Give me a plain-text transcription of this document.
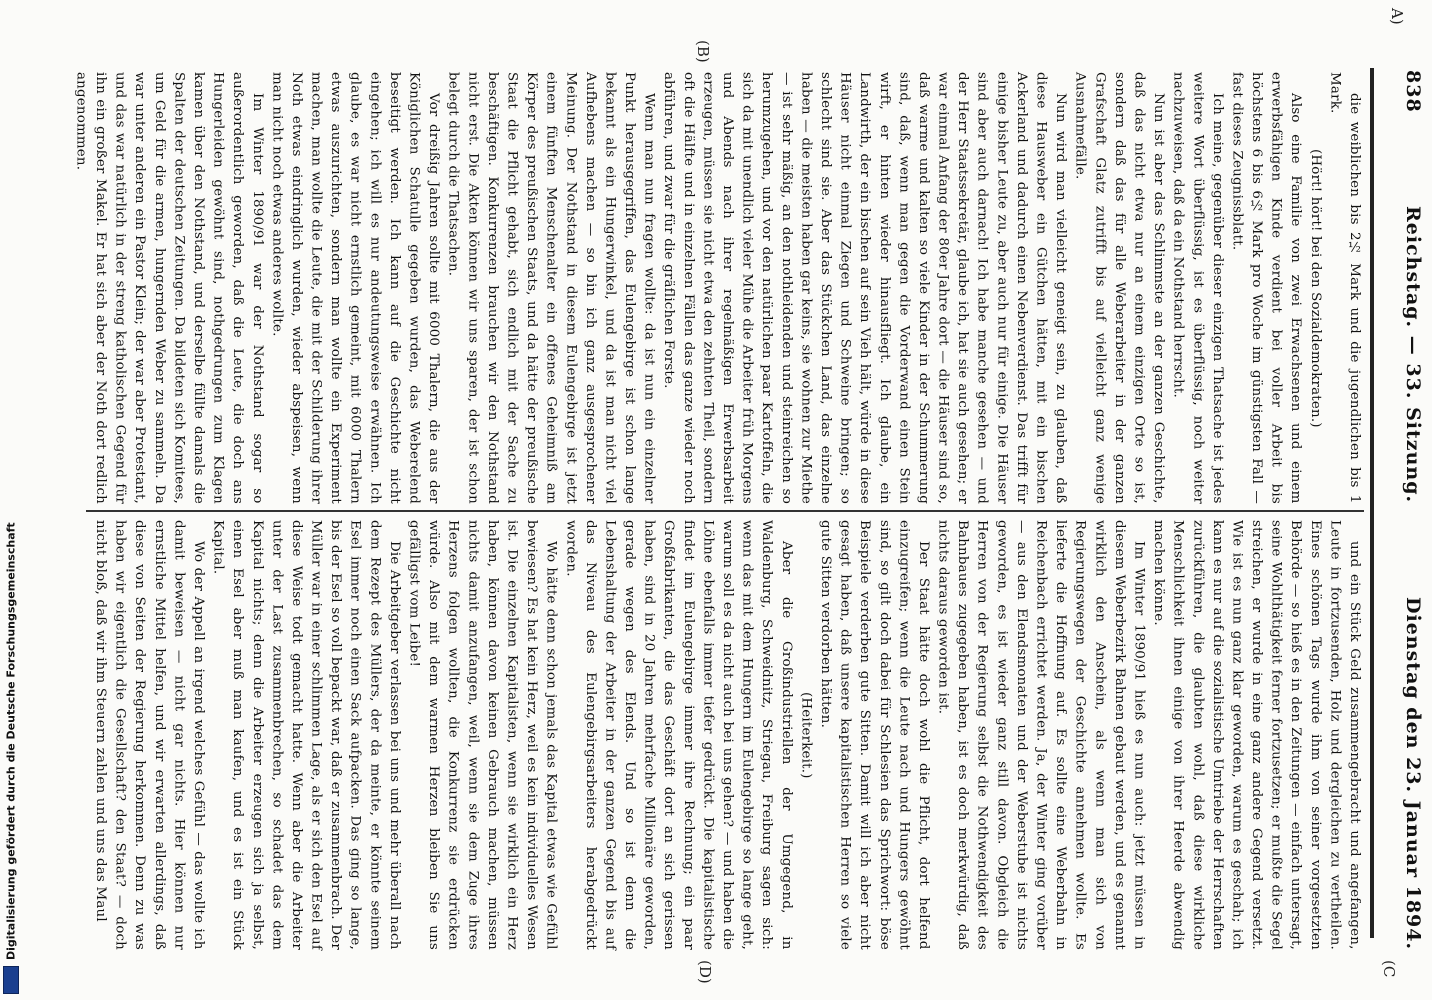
838
Reichstag. — 33. Sitzung.
Dienstag den 23. Januar 1894.
A)
(B)
(C
(D)

die weiblichen bis 2½ Mark und die jugendlichen bis 1 Mark.

(Hört! hört! bei den Sozialdemokraten.)

Also eine Familie von zwei Erwachsenen und einem erwerbsfähigen Kinde verdient bei voller Arbeit bis höchstens 6 bis 6½ Mark pro Woche im günstigsten Fall — fast dieses Zeugnissblatt.

Ich meine, gegenüber dieser einzigen Thatsache ist jedes weitere Wort überflüssig, ist es überflüssig, noch weiter nachzuweisen, daß da ein Nothstand herrscht.

Nun ist aber das Schlimmste an der ganzen Geschichte, daß das nicht etwa nur an einem einzigen Orte so ist, sondern daß das für alle Weberarbeiter in der ganzen Grafschaft Glatz zutrifft bis auf vielleicht ganz wenige Ausnahmefälle.

Nun wird man vielleicht geneigt sein, zu glauben, daß diese Hausweber ein Gütchen hätten, mit ein bischen Ackerland und dadurch einen Nebenverdienst. Das trifft für einige bisher Leute zu, aber auch nur für einige. Die Häuser sind aber auch darnach! Ich habe manche gesehen — und der Herr Staatssekretär, glaube ich, hat sie auch gesehen; er war einmal Anfang der 80er Jahre dort — die Häuser sind so, daß warme und kalten so viele Kinder in der Schummerung sind, daß, wenn man gegen die Vorderwand einen Stein wirft, er hinten wieder hinausfliegt. Ich glaube, ein Landwirth, der ein bischen auf sein Vieh hält, würde in diese Häuser nicht einmal Ziegen und Schweine bringen; so schlecht sind sie. Aber das Stückchen Land, das einzelne haben — die meisten haben gar keins, sie wohnen zur Miethe — ist sehr mäßig, an den nothleidenden und steinreichen so herumzugehen, und vor den natürlichen paar Kartoffeln, die sich da mit unendlich vieler Mühe die Arbeiter früh Morgens und Abends nach ihrer regelmäßigen Erwerbsarbeit erzeugen, müssen sie nicht etwa den zehnten Theil, sondern oft die Hälfte und in einzelnen Fällen das ganze wieder noch abführen, und zwar für die gräflichen Forste.

Wenn man nun fragen wollte: da ist nun ein einzelner Punkt herausgegriffen, das Eulengebirge ist schon lange bekannt als ein Hungerwinkel, und da ist man nicht viel Aufhebens machen — so bin ich ganz ausgesprochener Meinung. Der Nothstand in diesem Eulengebirge ist jetzt einem fünften Menschenalter ein offenes Geheimniß am Körper des preußischen Staats, und da hätte der preußische Staat die Pflicht gehabt, sich endlich mit der Sache zu beschäftigen. Konkurrenzen brauchen wir den Nothstand nicht erst. Die Akten können wir uns sparen, der ist schon belegt durch die Thatsachen.

Vor dreißig Jahren sollte mit 6000 Thalern, die aus der Königlichen Schatulle gegeben wurden, das Weberelend beseitigt werden. Ich kann auf die Geschichte nicht eingehen; ich will es nur andeutungsweise erwähnen. Ich glaube, es war nicht ernstlich gemeint, mit 6000 Thalern etwas auszurichten, sondern man wollte ein Experiment machen, man wollte die Leute, die mit der Schilderung ihrer Noth etwas eindringlich wurden, wieder abspeisen, wenn man nicht noch etwas anderes wollte.

Im Winter 1890/91 war der Nothstand sogar so außerordentlich geworden, daß die Leute, die doch ans Hungerleiden gewöhnt sind, nothgedrungen zum Klagen kamen über den Nothstand, und derselbe füllte damals die Spalten der deutschen Zeitungen. Da bildeten sich Komitees, um Geld für die armen, hungernden Weber zu sammeln. Da war unter anderen ein Pastor Klein; der war aber Protestant, und das war natürlich in der streng katholischen Gegend für ihn ein großer Makel. Er hat sich aber der Noth dort redlich angenommen.

und ein Stück Geld zusammengebracht und angefangen, Leute in fortzusenden, Holz und dergleichen zu vertheilen. Eines schönen Tags wurde ihm von seiner vorgesetzten Behörde — so hieß es in den Zeitungen — einfach untersagt, seine Wohlthätigkeit ferner fortzusetzen; er mußte die Segel streichen, er wurde in eine ganz andere Gegend versetzt. Wie ist es nun ganz klar geworden, warum es geschah; ich kann es nur auf die sozialistische Umtriebe der Herrschaften zurückführen, die glaubten wohl, daß diese wirkliche Menschlichkeit ihnen einige von ihrer Heerde abwendig machen könne.

Im Winter 1890/91 hieß es nun auch: jetzt müssen in diesem Weberbezirk Bahnen gebaut werden, und es genannt wirklich den Anschein, als wenn man sich von Regierungswegen der Geschichte annehmen wollte. Es lieferte die Hoffnung auf. Es sollte eine Weberbahn in Reichenbach errichtet werden. Ja, der Winter ging vorüber — aus den Elendsmonaten und der Weberstube ist nichts geworden, es ist wieder ganz still davon. Obgleich die Herren von der Regierung selbst die Nothwendigkeit des Bahnbaues zugegeben haben, ist es doch merkwürdig, daß nichts daraus geworden ist.

Der Staat hätte doch wohl die Pflicht, dort helfend einzugreifen; wenn die Leute nach und Hungers gewöhnt sind, so gilt doch dabei für Schlesien das Sprichwort: böse Beispiele verderben gute Sitten. Damit will ich aber nicht gesagt haben, daß unsere kapitalistischen Herren so viele gute Sitten verdorben hätten.

(Heiterkeit.)

Aber die Großindustriellen der Umgegend, in Waldenburg, Schweidnitz, Striegau, Freiburg sagen sich: wenn das mit dem Hungern im Eulengebirge so lange geht, warum soll es da nicht auch bei uns gehen? — und haben die Löhne ebenfalls immer tiefer gedrückt. Die kapitalistische findet im Eulengebirge immer ihre Rechnung; ein paar Großfabrikanten, die das Geschäft dort an sich gerissen haben, sind in 20 Jahren mehrfache Millionäre geworden, gerade wegen des Elends. Und so ist denn die Lebenshaltung der Arbeiter in der ganzen Gegend bis auf das Niveau des Eulengebirgsarbeiters herabgedrückt worden.

Wo hätte denn schon jemals das Kapital etwas wie Gefühl bewiesen? Es hat kein Herz, weil es kein individuelles Wesen ist. Die einzelnen Kapitalisten, wenn sie wirklich ein Herz haben, können davon keinen Gebrauch machen, müssen nichts damit anzufangen, weil, wenn sie dem Zuge ihres Herzens folgen wollten, die Konkurrenz sie erdrücken würde. Also mit dem warmen Herzen bleiben Sie uns gefälligst vom Leibe!

Die Arbeitgeber verlassen bei uns und mehr überall nach dem Rezept des Müllers, der da meinte, er könnte seinem Esel immer noch einen Sack aufpacken. Das ging so lange, bis der Esel so voll bepackt war, daß er zusammenbrach. Der Müller war in einer schlimmen Lage, als er sich den Esel auf diese Weise todt gemacht hatte. Wenn aber die Arbeiter unter der Last zusammenbrechen, so schadet das dem Kapital nichts; denn die Arbeiter erzeugen sich ja selbst, einen Esel aber muß man kaufen, und es ist ein Stück Kapital.

Wo der Appell an irgend welches Gefühl — das wollte ich damit beweisen — nicht gar nichts. Hier können nur ernstliche Mittel helfen, und wir erwarten allerdings, daß diese von Seiten der Regierung herkommen. Denn zu was haben wir eigentlich die Gesellschaft? den Staat? — doch nicht bloß, daß wir ihm Steuern zahlen und uns das Maul

Digitalisierung gefördert durch die Deutsche Forschungsgemeinschaft
